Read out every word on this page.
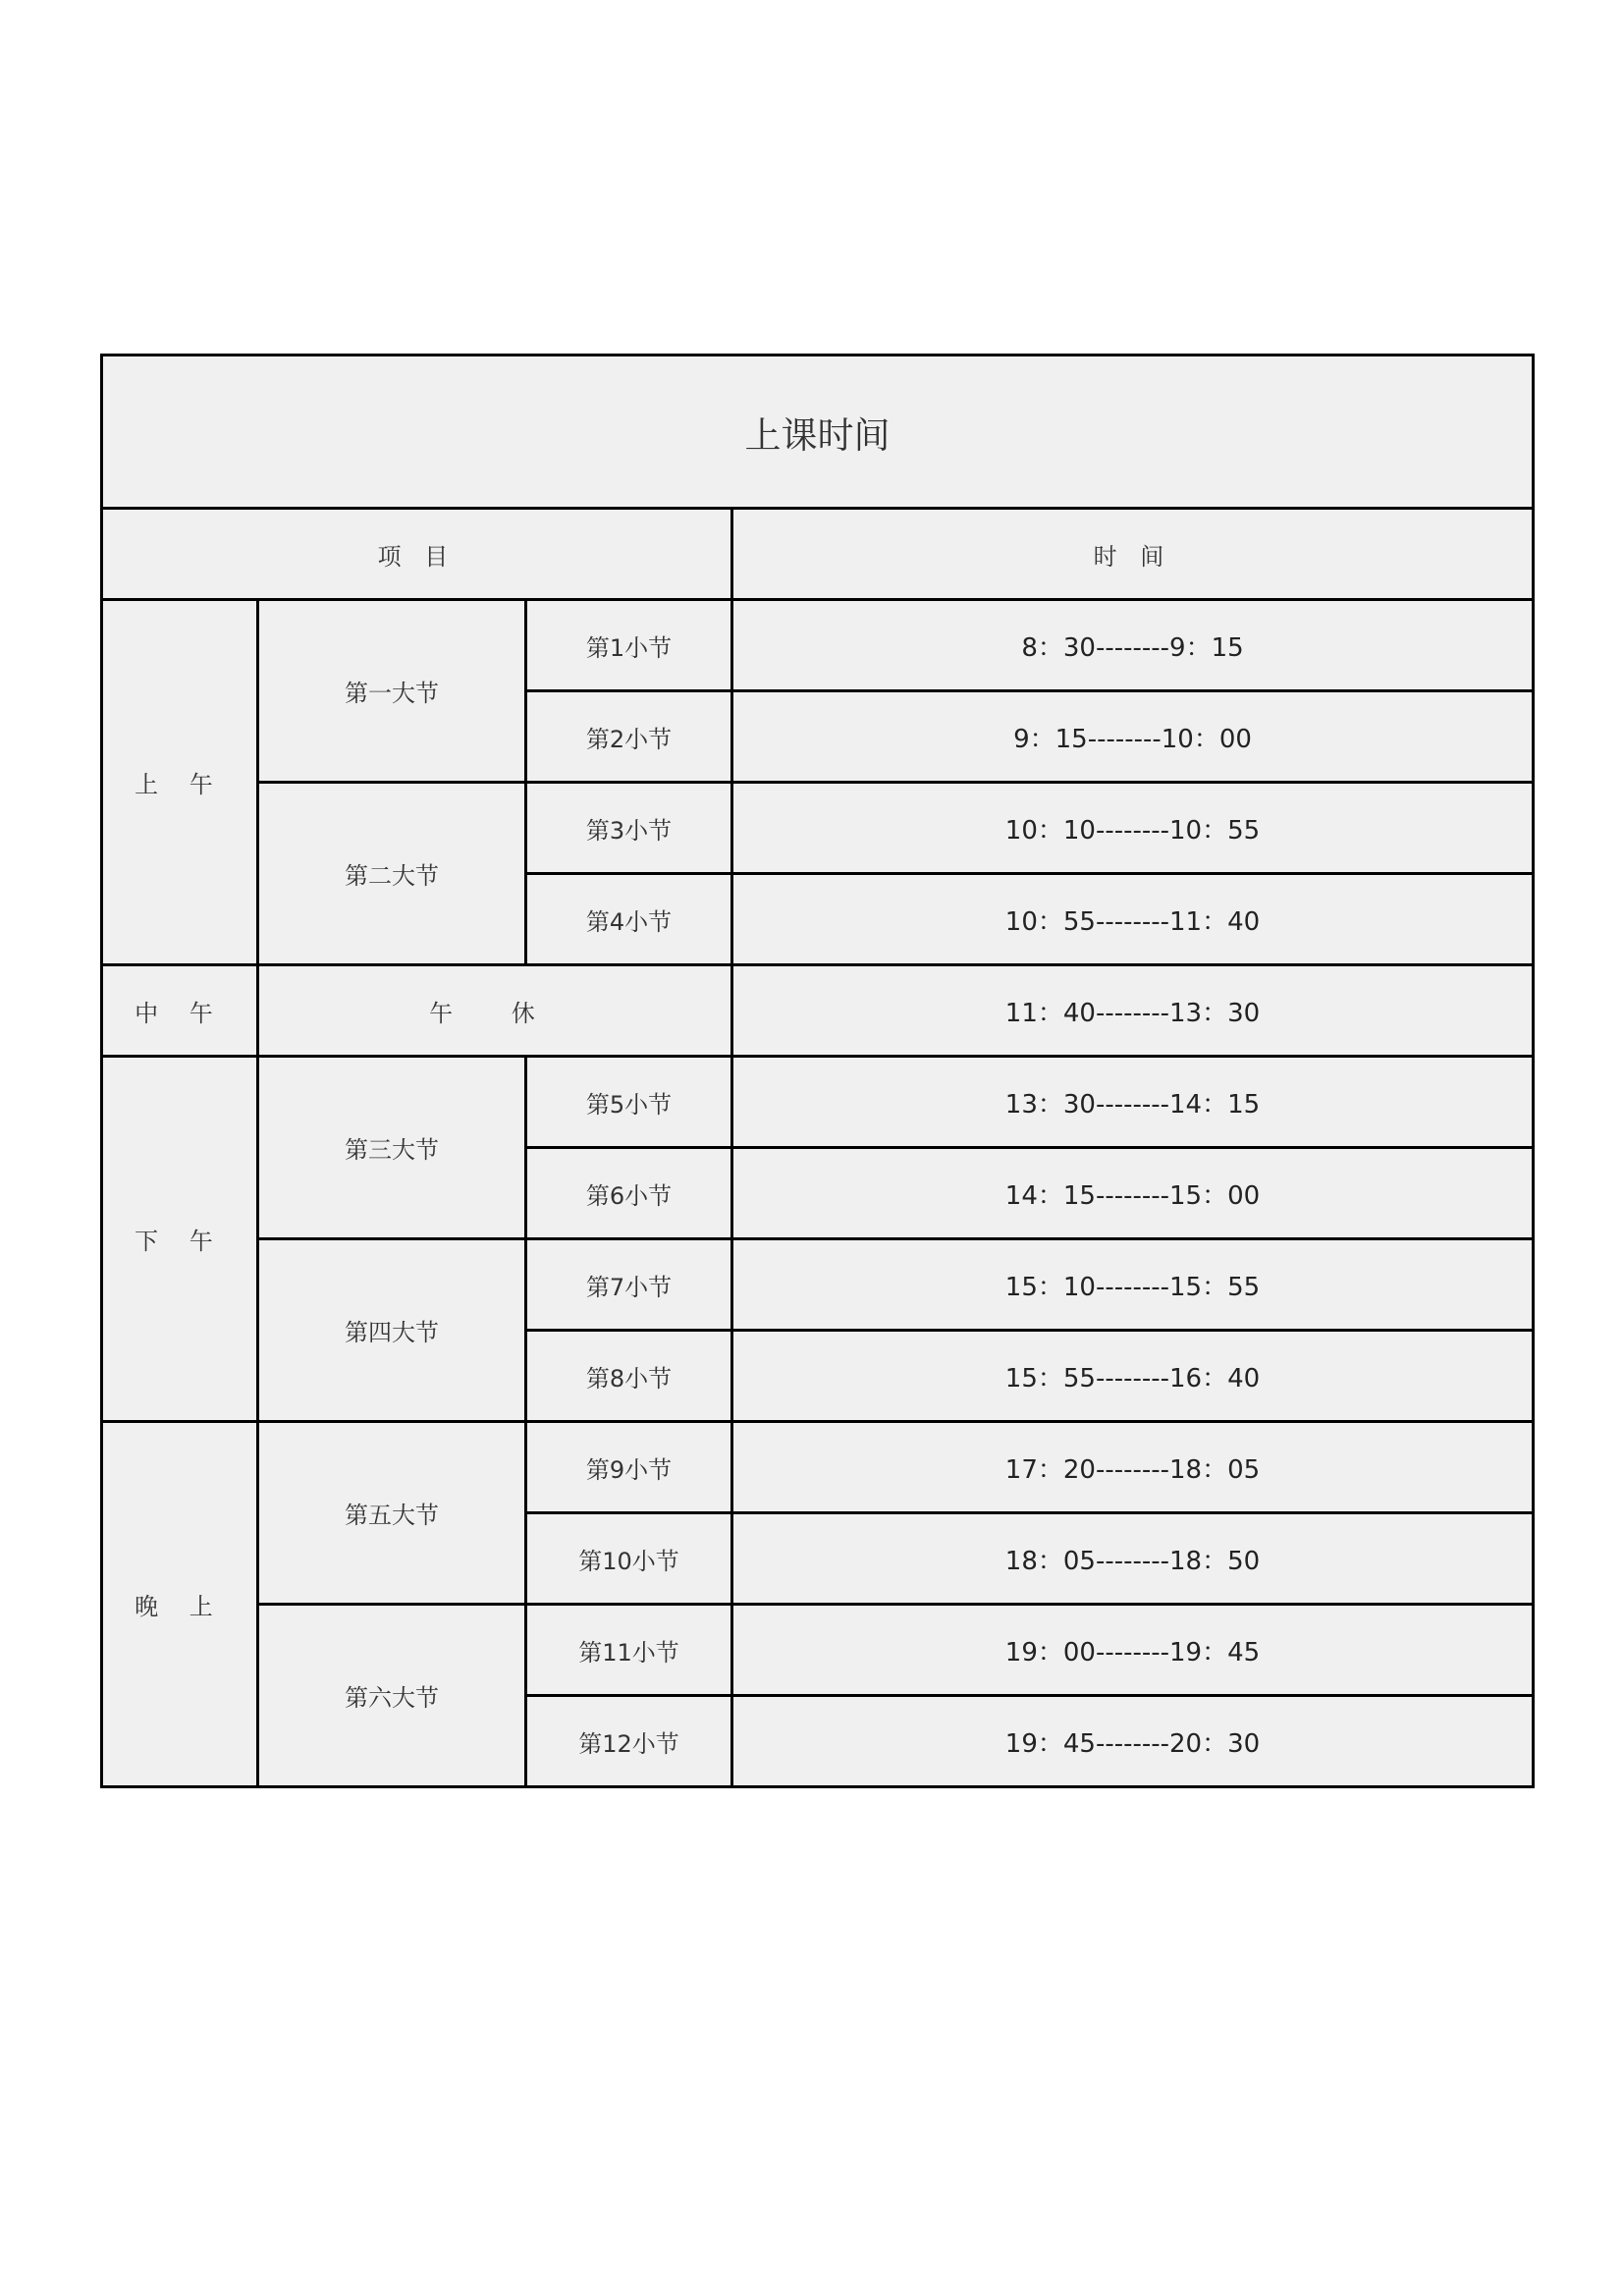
上课时间			
项 目			时 间
上 午	第一大节	第1小节	8：30--------9：15
		第2小节	9：15--------10：00
	第二大节	第3小节	10：10--------10：55
		第4小节	10：55--------11：40
中 午	午 休		11：40--------13：30
下 午	第三大节	第5小节	13：30--------14：15
		第6小节	14：15--------15：00
	第四大节	第7小节	15：10--------15：55
		第8小节	15：55--------16：40
晚 上	第五大节	第9小节	17：20--------18：05
		第10小节	18：05--------18：50
	第六大节	第11小节	19：00--------19：45
		第12小节	19：45--------20：30
